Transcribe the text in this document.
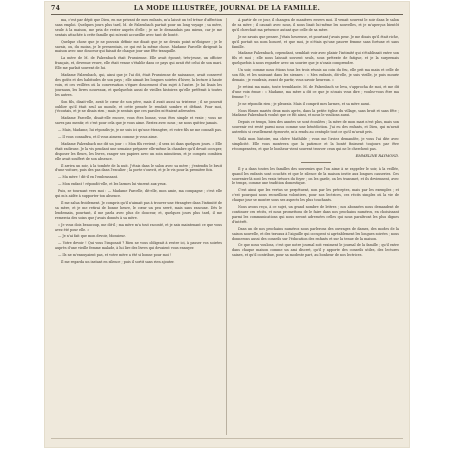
74	LA MODE ILLUSTRÉE, JOURNAL DE LA FAMILLE.

ma, c'est par dépit que Dieu, en me privant de mes enfants, m'a laissé un tel trésor d'affection sans emploi. Quelques jours plus tard, M. de Falzenbach partait pour un long voyage ; sa mère, seule à la maison, me pria de rester auprès d'elle ; je ne le demandais pas mieux, car je me sentais attachée à cette famille qui m'avait accueillie avec tant de bonté.

Quelque chose que je ne pouvais définir me disait que je ne devais point m'éloigner ; je le savais, ou, du moins, je le pressentais, ce qui est la même chose. Madame Farcelle dirigeait la maison avec une douceur qui faisait de chaque jour une fête tranquille.

La mère de M. de Falzenbach était Prussienne. Elle avait épousé, très-jeune, un officier français, et, devenue veuve, elle était venue s'établir dans ce pays qui avait été celui de son mari. Elle me parlait souvent de lui.

Madame Falzenbach, qui, ainsi que je l'ai dit, était Prussienne de naissance, avait conservé des goûts et des habitudes de son pays ; elle aimait les longues soirées d'hiver, la lecture à haute voix, et ces veillées où la conversation s'égare doucement d'un sujet à l'autre. Je lui lisais les journaux, les livres nouveaux, et quelquefois aussi de vieilles histoires qu'elle préférait à toutes les autres.

Son fils, disait-elle, avait le cœur de son père, mais il avait aussi sa tristesse ; il ne pouvait oublier qu'il était seul au monde, et cette pensée le rendait sombre et défiant. Pour moi, j'écoutais, et je ne disais rien ; mais je sentais que ces paroles m'étaient adressées.

Madame Farcelle, disait-elle encore, vous êtes bonne, vous êtes simple et vraie ; vous ne savez pas mentir, et c'est pour cela que je vous aime. Restez avec nous ; ne nous quittez jamais.

— Mais, Madame, lui répondis-je, je ne suis ici qu'une étrangère, et votre fils ne me connaît pas.

— Il vous connaîtra, et il vous aimera comme je vous aime.

Madame Falzenbach me dit un jour : « Mon fils revient ; il sera ici dans quelques jours. » Elle était radieuse. Je la vis pendant une semaine préparer elle-même la chambre qu'il devait occuper, disposer les fleurs, les livres, ranger ses papiers avec un soin minutieux, et je compris combien elle avait souffert de son absence.

Il arriva un soir, à la tombée de la nuit. J'étais dans le salon avec sa mère ; j'entendis le bruit d'une voiture, puis des pas dans l'escalier ; la porte s'ouvrit, et je le vis pour la première fois.

— Ma mère ! dit-il en l'embrassant.

— Mon enfant ! répondit-elle, et les larmes lui vinrent aux yeux.

Puis, se tournant vers moi : — Madame Farcelle, dit-elle, mon amie, ma compagne ; c'est elle qui m'a aidée à supporter ton absence.

Il me salua froidement. Je compris qu'il n'aimait pas à trouver une étrangère dans l'intimité de sa mère, et je me retirai de bonne heure, le cœur un peu serré, mais sans rancune. Dès le lendemain, pourtant, il me parla avec plus de douceur, et, quelques jours plus tard, il me remercia des soins que j'avais donnés à sa mère.

« Je vous dois beaucoup, me dit-il ; ma mère m'a tout raconté, et je sais maintenant ce que vous avez été pour elle. »

— Je n'ai fait que mon devoir, Monsieur.

— Votre devoir ! Qui vous l'imposait ? Rien ne vous obligeait à rester ici, à passer vos soirées auprès d'une vieille femme malade, à lui lire des livres qui devaient vous ennuyer.

— Ils ne m'ennuyaient pas, et votre mère a été si bonne pour moi !

Il me regarda un instant en silence ; puis il sortit sans rien ajouter.

A partir de ce jour, il changea de manières envers moi. Il venait souvent le soir dans le salon de sa mère ; il causait avec nous, il nous lisait lui-même les nouvelles, et je m'aperçus bientôt qu'il cherchait ma présence autant que celle de sa mère.

Je ne savais que penser. J'étais heureuse, et pourtant j'avais peur. Je me disais qu'il était riche, qu'il portait un nom honoré, et que moi, je n'étais qu'une pauvre femme sans fortune et sans famille.

Madame Falzenbach, cependant, semblait voir avec plaisir l'intimité qui s'établissait entre son fils et moi ; elle nous laissait souvent seuls, sous prétexte de fatigue, et je la surprenais quelquefois à nous regarder avec un sourire que je n'osais comprendre.

Un soir, comme nous étions tous les trois réunis au coin du feu, elle prit ma main et celle de son fils, et les unissant dans les siennes : « Mes enfants, dit-elle, je suis vieille, je puis mourir demain ; je voudrais, avant de partir, vous savoir heureux. »

Je retirai ma main, toute tremblante. M. de Falzenbach se leva, s'approcha de moi, et me dit d'une voix émue : « Madame, ma mère a dit ce que je n'osais vous dire ; voulez-vous être ma femme ? »

Je ne répondis rien ; je pleurais. Mais il comprit mes larmes, et sa mère aussi.

Nous fûmes mariés deux mois après, dans la petite église du village, sans bruit et sans fête ; Madame Falzenbach voulut que ce fût ainsi, et nous le voulions aussi.

Depuis ce temps, bien des années se sont écoulées ; la mère de mon mari n'est plus, mais son souvenir est resté parmi nous comme une bénédiction. J'ai eu des enfants, et Dieu, qui m'avait autrefois si cruellement éprouvée, m'a rendu au centuple tout ce qu'il m'avait pris.

Voilà mon histoire, ma chère Mathilde ; vous me l'aviez demandée, je vous l'ai dite avec simplicité. Elle vous montrera que la patience et la bonté finissent toujours par être récompensées, et que le bonheur vient souvent trouver ceux qui ne le cherchent pas.

EMMELINE RAYMOND.

Il y a dans toutes les familles des souvenirs que l'on aime à se rappeler le soir, à la veillée, quand les enfants sont couchés et que le silence de la maison invite aux longues causeries. Ces souvenirs-là sont les vrais trésors du foyer ; on les garde, on les transmet, et ils deviennent, avec le temps, comme une tradition domestique.

C'est ainsi que les vertus se perpétuent, non par les préceptes, mais par les exemples ; et c'est pourquoi nous recueillons volontiers, pour nos lectrices, ces récits simples où la vie de chaque jour se montre sous ses aspects les plus touchants.

Nous avons reçu, à ce sujet, un grand nombre de lettres ; nos abonnées nous demandent de continuer ces récits, et nous promettons de le faire dans nos prochains numéros, en choisissant parmi les communications qui nous seront adressées celles qui nous paraîtront les plus dignes d'intérêt.

Dans un de nos prochains numéros nous parlerons des ouvrages de dames, des modes de la saison nouvelle, et des travaux à l'aiguille qui occupent si agréablement les longues soirées ; nous donnerons aussi des conseils sur l'éducation des enfants et sur la tenue de la maison.

Ce que nous voulons, c'est que notre journal soit vraiment le journal de la famille ; qu'il entre dans chaque maison comme un ami discret, qu'il y apporte des conseils utiles, des lectures saines, et qu'il contribue, pour sa modeste part, au bonheur de nos lectrices.
